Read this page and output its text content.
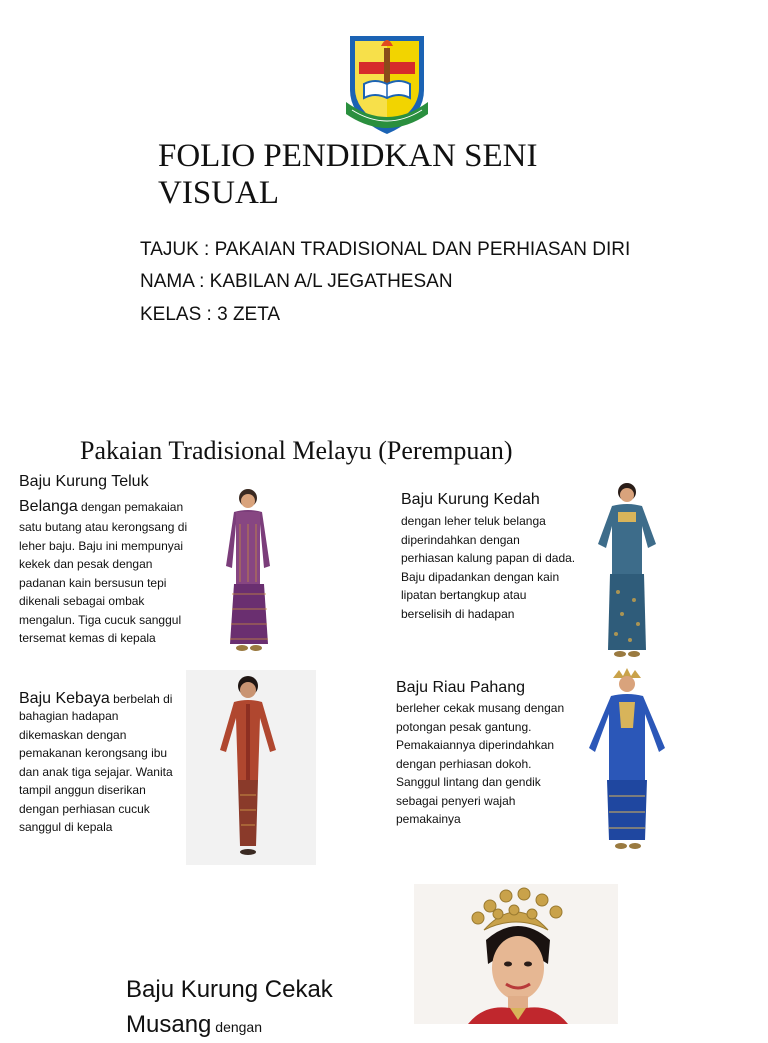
FOLIO PENDIDKAN SENI
VISUAL
TAJUK : PAKAIAN TRADISIONAL DAN PERHIASAN DIRI
NAMA : KABILAN A/L JEGATHESAN
KELAS : 3 ZETA
Pakaian Tradisional Melayu (Perempuan)
Baju Kurung Teluk
Belanga dengan pemakaian
satu butang atau kerongsang di
leher baju. Baju ini mempunyai
kekek dan pesak dengan
padanan kain bersusun tepi
dikenali sebagai ombak
mengalun. Tiga cucuk sanggul
tersemat kemas di kepala
Baju Kurung Kedah
dengan leher teluk belanga
diperindahkan dengan
perhiasan kalung papan di dada.
Baju dipadankan dengan kain
lipatan bertangkup atau
berselisih di hadapan
Baju Kebaya berbelah di
bahagian hadapan
dikemaskan dengan
pemakanan kerongsang ibu
dan anak tiga sejajar. Wanita
tampil anggun diserikan
dengan perhiasan cucuk
sanggul di kepala
Baju Riau Pahang
berleher cekak musang dengan
potongan pesak gantung.
Pemakaiannya diperindahkan
dengan perhiasan dokoh.
Sanggul lintang dan gendik
sebagai penyeri wajah
pemakainya
Baju Kurung Cekak
Musang dengan
